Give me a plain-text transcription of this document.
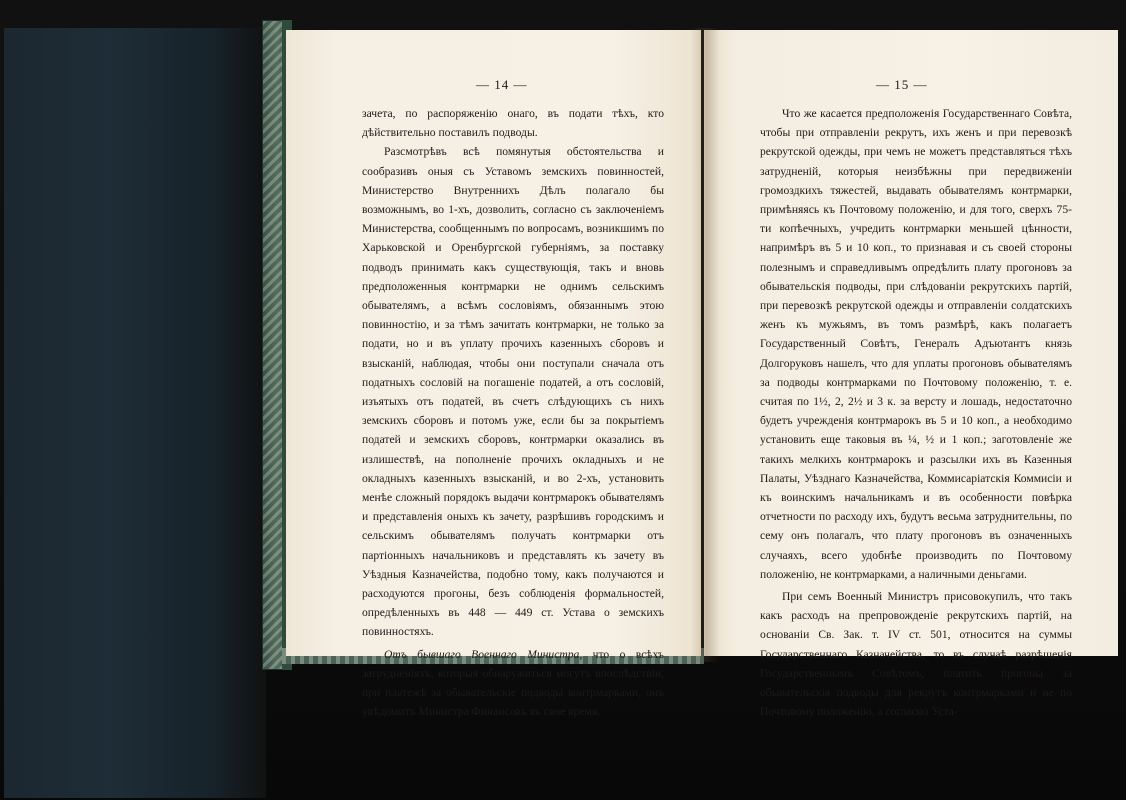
— 14 —

зачета, по распоряженію онаго, въ подати тѣхъ, кто дѣйствительно поставилъ подводы.

Разсмотрѣвъ всѣ помянутыя обстоятельства и сообразивъ оныя съ Уставомъ земскихъ повинностей, Министерство Внутреннихъ Дѣлъ полагало бы возможнымъ, во 1-хъ, дозволить, согласно съ заключеніемъ Министерства, сообщеннымъ по вопросамъ, возникшимъ по Харьковской и Оренбургской губерніямъ, за поставку подводъ принимать какъ существующія, такъ и вновь предположенныя контрмарки не однимъ сельскимъ обывателямъ, а всѣмъ сословіямъ, обязаннымъ этою повинностію, и за тѣмъ зачитать контрмарки, не только за подати, но и въ уплату прочихъ казенныхъ сборовъ и взысканій, наблюдая, чтобы они поступали сначала отъ податныхъ сословій на погашеніе податей, а отъ сословій, изъятыхъ отъ податей, въ счетъ слѣдующихъ съ нихъ земскихъ сборовъ и потомъ уже, если бы за покрытіемъ податей и земскихъ сборовъ, контрмарки оказались въ излишествѣ, на пополненіе прочихъ окладныхъ и не окладныхъ казенныхъ взысканій, и во 2-хъ, установить менѣе сложный порядокъ выдачи контрмарокъ обывателямъ и представленія оныхъ къ зачету, разрѣшивъ городскимъ и сельскимъ обывателямъ получать контрмарки отъ партіонныхъ начальниковъ и представлять къ зачету въ Уѣздныя Казначейства, подобно тому, какъ получаются и расходуются прогоны, безъ соблюденія формальностей, опредѣленныхъ въ 448 — 449 ст. Устава о земскихъ повинностяхъ.

Отъ бывшаго Военнаго Министра, что о всѣхъ затрудненіяхъ, которыя обнаружиться могутъ впослѣдствіи, при платежѣ за обывательскіе подводы контрмарками, онъ увѣдомитъ Министра Финансовъ въ свое время.

— 15 —

Что же касается предположенія Государственнаго Совѣта, чтобы при отправленіи рекрутъ, ихъ женъ и при перевозкѣ рекрутской одежды, при чемъ не можетъ представляться тѣхъ затрудненій, которыя неизбѣжны при передвиженіи громоздкихъ тяжестей, выдавать обывателямъ контрмарки, примѣняясь къ Почтовому положенію, и для того, сверхъ 75-ти копѣечныхъ, учредить контрмарки меньшей цѣнности, напримѣръ въ 5 и 10 коп., то признавая и съ своей стороны полезнымъ и справедливымъ опредѣлить плату прогоновъ за обывательскія подводы, при слѣдованіи рекрутскихъ партій, при перевозкѣ рекрутской одежды и отправленіи солдатскихъ женъ къ мужьямъ, въ томъ размѣрѣ, какъ полагаетъ Государственный Совѣтъ, Генералъ Адъютантъ князь Долгоруковъ нашелъ, что для уплаты прогоновъ обывателямъ за подводы контрмарками по Почтовому положенію, т. е. считая по 1½, 2, 2½ и 3 к. за версту и лошадь, недостаточно будетъ учрежденія контрмарокъ въ 5 и 10 коп., а необходимо установить еще таковыя въ ¼, ½ и 1 коп.; заготовленіе же такихъ мелкихъ контрмарокъ и разсылки ихъ въ Казенныя Палаты, Уѣзднаго Казначейства, Коммисаріатскія Коммисіи и къ воинскимъ начальникамъ и въ особенности повѣрка отчетности по расходу ихъ, будутъ весьма затруднительны, по сему онъ полагалъ, что плату прогоновъ въ означенныхъ случаяхъ, всего удобнѣе производить по Почтовому положенію, не контрмарками, а наличными деньгами.

При семъ Военный Министръ присовокупилъ, что такъ какъ расходъ на препровожденіе рекрутскихъ партій, на основаніи Св. Зак. т. IV ст. 501, относится на суммы Государственнаго Казначейства, то въ случаѣ разрѣшенія Государственнымъ Совѣтомъ, платить прогоны за обывательскія подводы для рекрутъ контрмарками и не по Почтовому положенію, а согласно Уста-
